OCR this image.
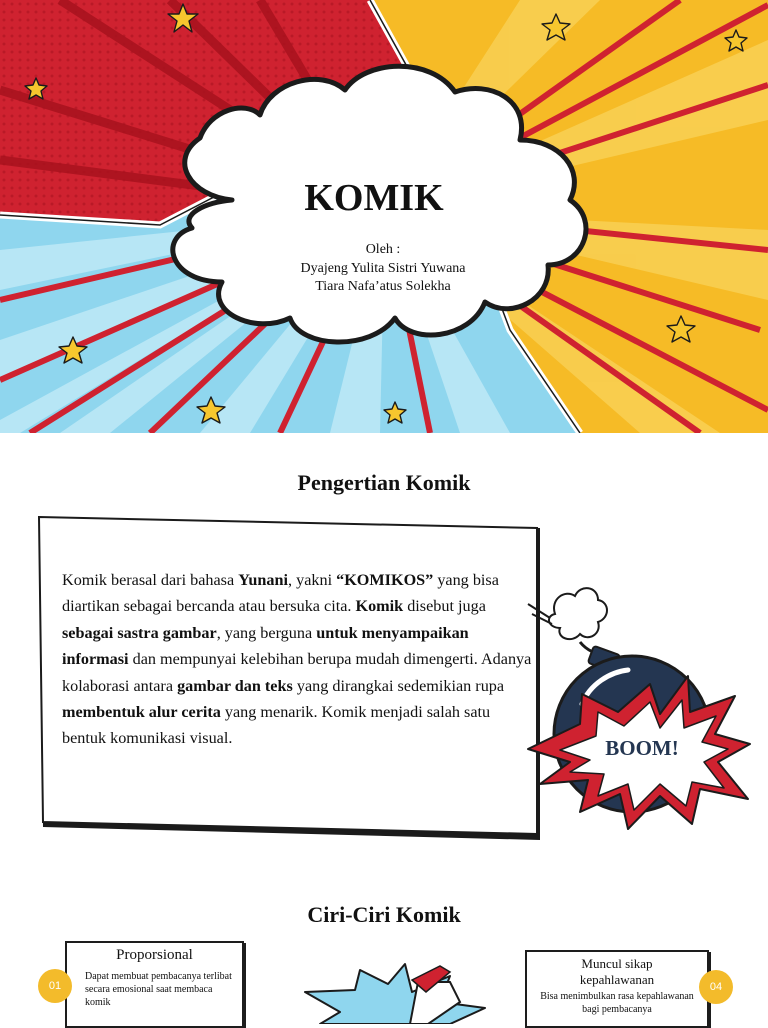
KOMIK
Oleh :
Dyajeng Yulita Sistri Yuwana
Tiara Nafa’atus Solekha
Pengertian Komik
Komik berasal dari bahasa Yunani, yakni “KOMIKOS” yang bisa diartikan sebagai bercanda atau bersuka cita. Komik disebut juga sebagai sastra gambar, yang berguna untuk menyampaikan informasi dan mempunyai kelebihan berupa mudah dimengerti. Adanya kolaborasi antara gambar dan teks yang dirangkai sedemikian rupa membentuk alur cerita yang menarik. Komik menjadi salah satu bentuk komunikasi visual.	BOOM!
Ciri-Ciri Komik
Proporsional
Dapat membuat pembacanya terlibat secara emosional saat membaca komik
01
Muncul sikap kepahlawanan
Bisa menimbulkan rasa kepahlawanan bagi pembacanya
04
